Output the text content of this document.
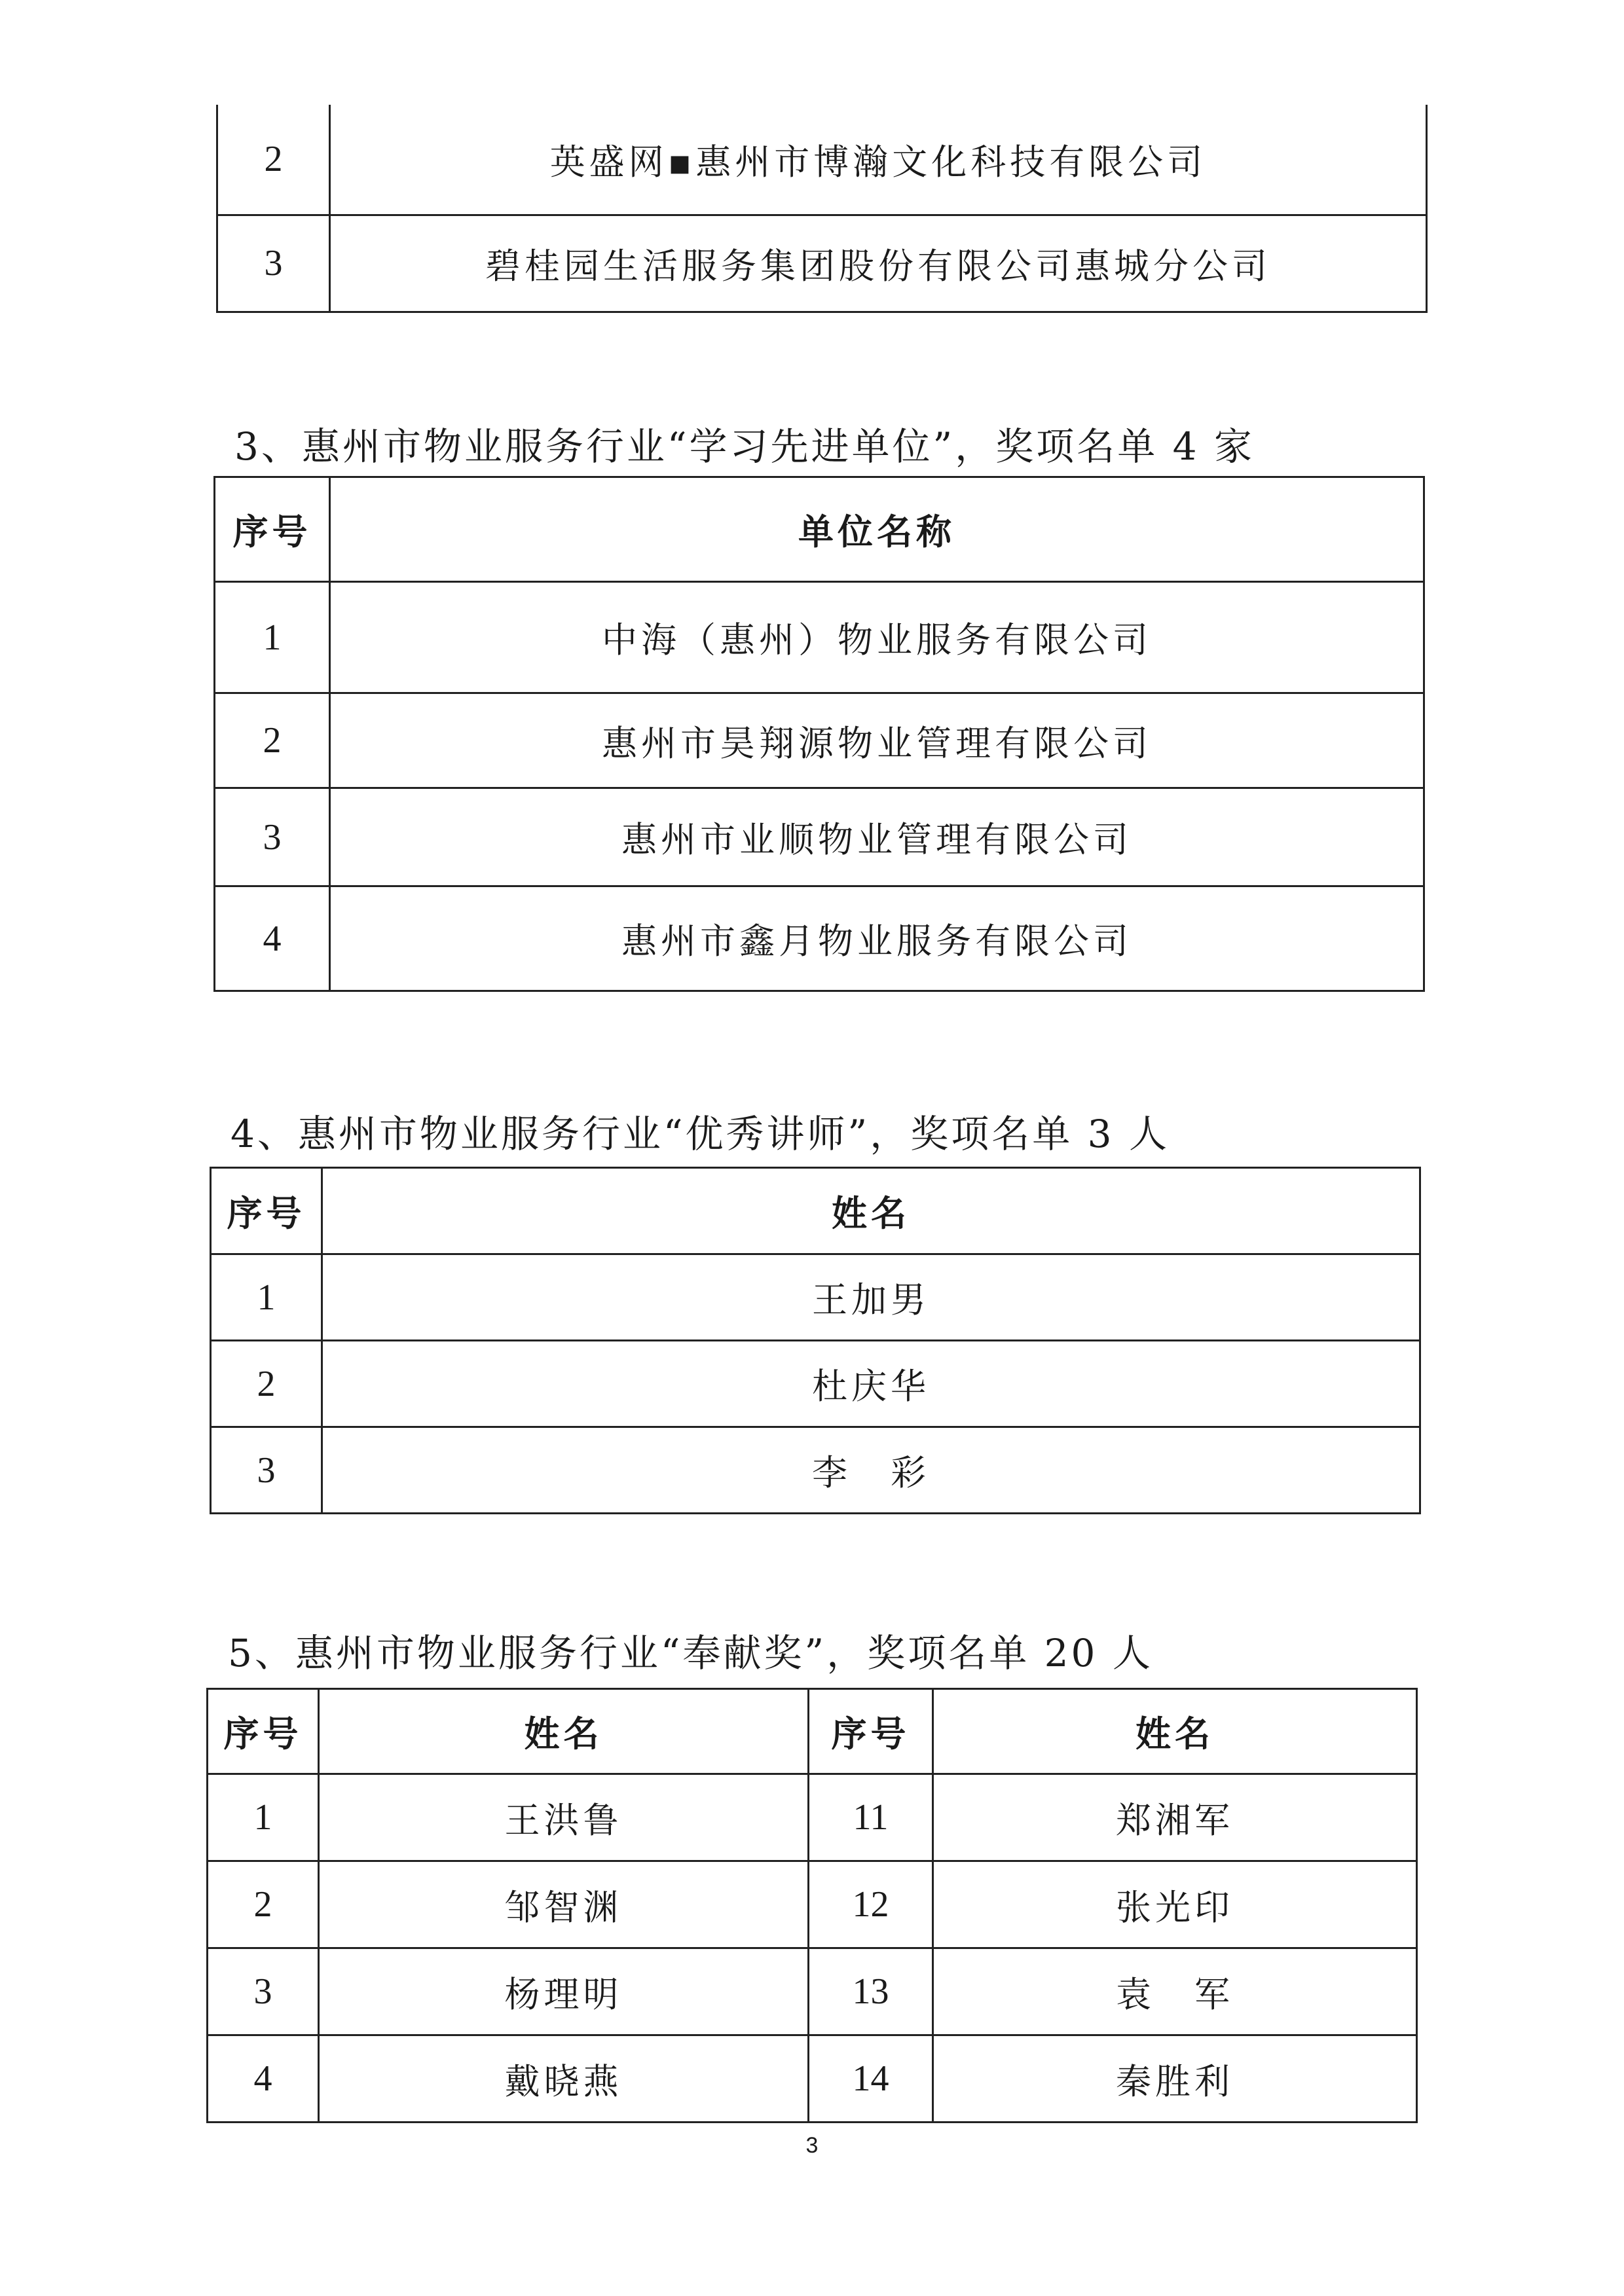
2	英盛网▪惠州市博瀚文化科技有限公司
3	碧桂园生活服务集团股份有限公司惠城分公司
3、惠州市物业服务行业“学习先进单位”，奖项名单 4 家
序号	单位名称
1	中海（惠州）物业服务有限公司
2	惠州市昊翔源物业管理有限公司
3	惠州市业顺物业管理有限公司
4	惠州市鑫月物业服务有限公司
4、惠州市物业服务行业“优秀讲师”，奖项名单 3 人
序号	姓名
1	王加男
2	杜庆华
3	李　彩
5、惠州市物业服务行业“奉献奖”，奖项名单 20 人
序号	姓名	序号	姓名
1	王洪鲁	11	郑湘军
2	邹智渊	12	张光印
3	杨理明	13	袁　军
4	戴晓燕	14	秦胜利
3
